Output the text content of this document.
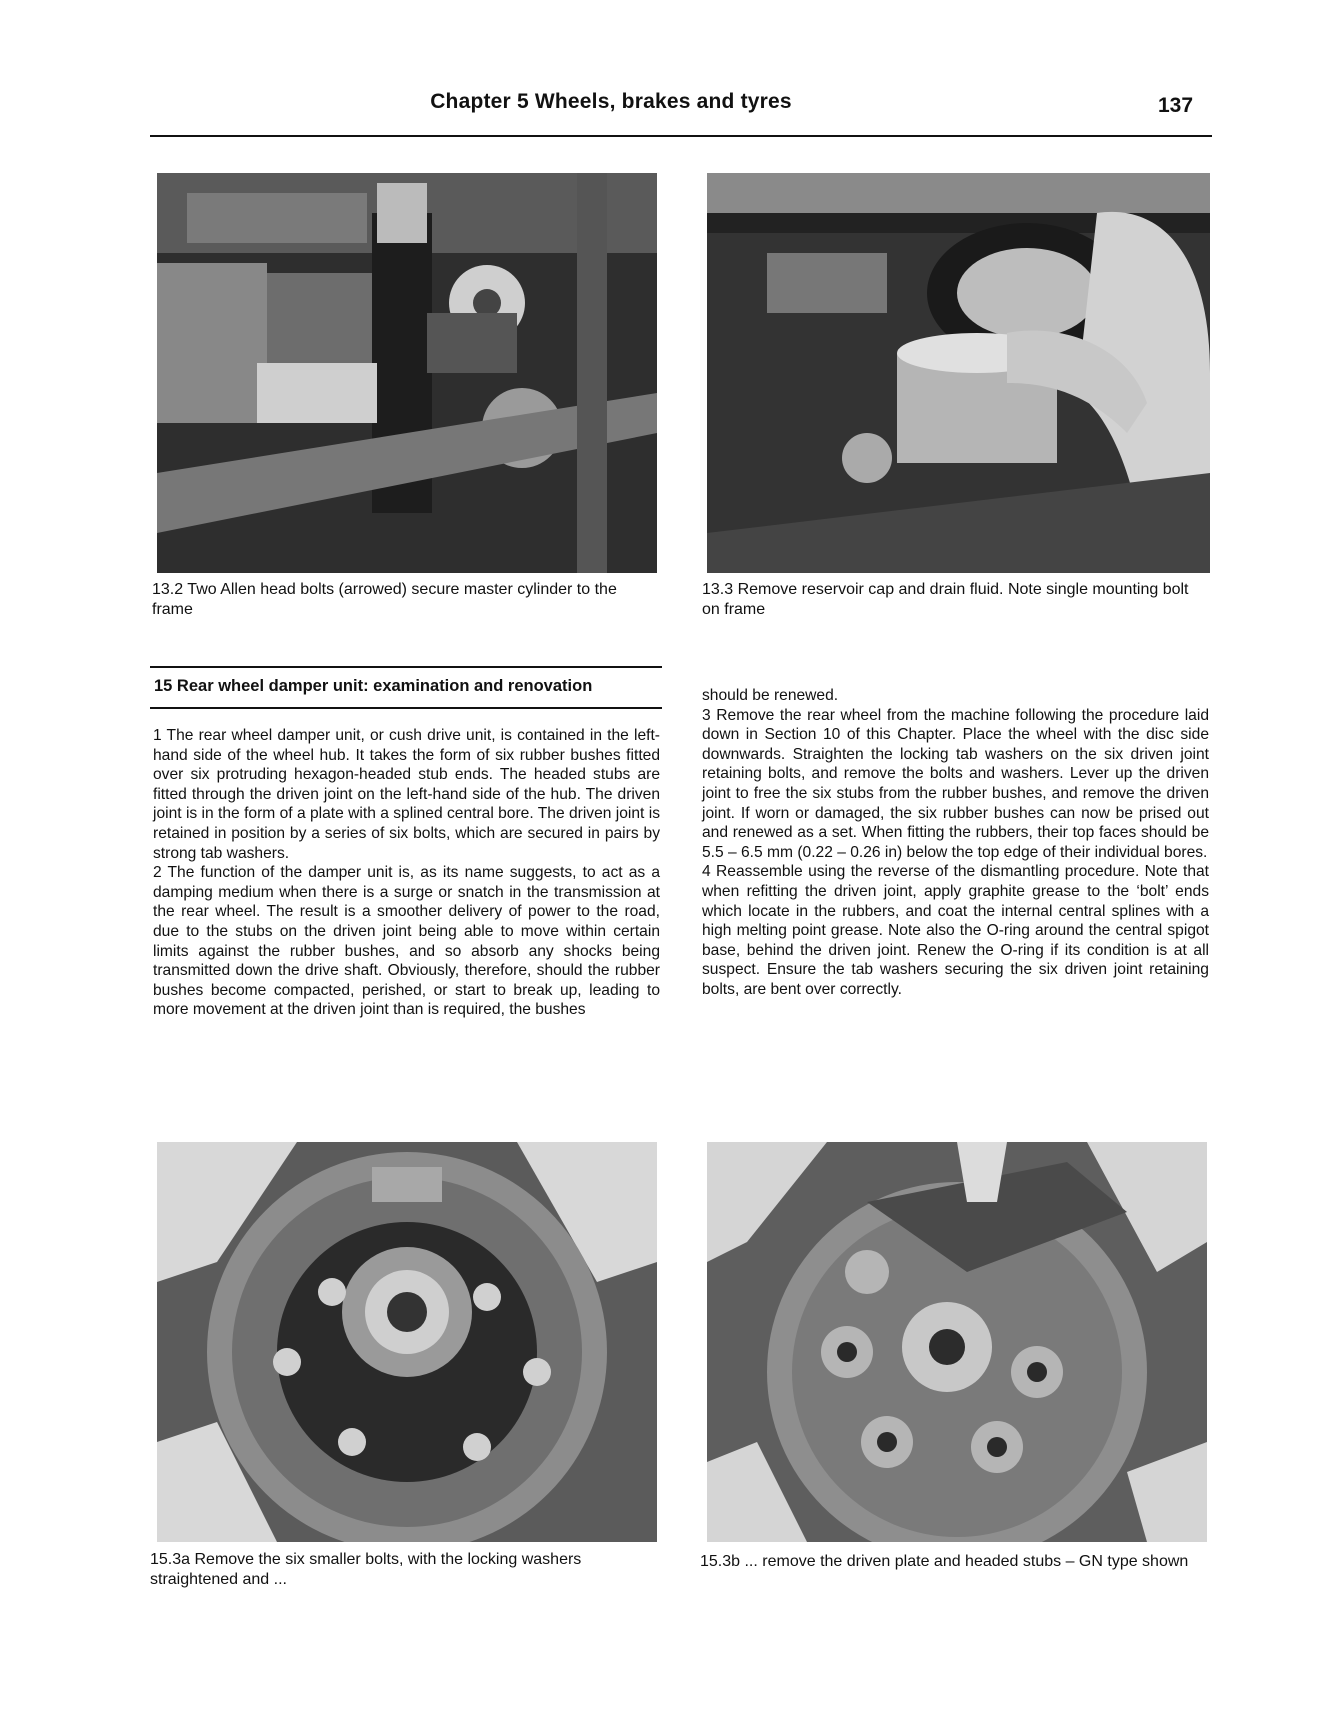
Chapter 5 Wheels, brakes and tyres	137
13.2 Two Allen head bolts (arrowed) secure master cylinder to the frame
13.3 Remove reservoir cap and drain fluid. Note single mounting bolt on frame
15 Rear wheel damper unit: examination and renovation

1 The rear wheel damper unit, or cush drive unit, is contained in the left-hand side of the wheel hub. It takes the form of six rubber bushes fitted over six protruding hexagon-headed stub ends. The headed stubs are fitted through the driven joint on the left-hand side of the hub. The driven joint is in the form of a plate with a splined central bore. The driven joint is retained in position by a series of six bolts, which are secured in pairs by strong tab washers.

2 The function of the damper unit is, as its name suggests, to act as a damping medium when there is a surge or snatch in the transmission at the rear wheel. The result is a smoother delivery of power to the road, due to the stubs on the driven joint being able to move within certain limits against the rubber bushes, and so absorb any shocks being transmitted down the drive shaft. Obviously, therefore, should the rubber bushes become compacted, perished, or start to break up, leading to more movement at the driven joint than is required, the bushes

should be renewed.

3 Remove the rear wheel from the machine following the procedure laid down in Section 10 of this Chapter. Place the wheel with the disc side downwards. Straighten the locking tab washers on the six driven joint retaining bolts, and remove the bolts and washers. Lever up the driven joint to free the six stubs from the rubber bushes, and remove the driven joint. If worn or damaged, the six rubber bushes can now be prised out and renewed as a set. When fitting the rubbers, their top faces should be 5.5 – 6.5 mm (0.22 – 0.26 in) below the top edge of their individual bores.

4 Reassemble using the reverse of the dismantling procedure. Note that when refitting the driven joint, apply graphite grease to the ‘bolt’ ends which locate in the rubbers, and coat the internal central splines with a high melting point grease. Note also the O-ring around the central spigot base, behind the driven joint. Renew the O-ring if its condition is at all suspect. Ensure the tab washers securing the six driven joint retaining bolts, are bent over correctly.

15.3a Remove the six smaller bolts, with the locking washers straightened and ...
15.3b ... remove the driven plate and headed stubs – GN type shown
